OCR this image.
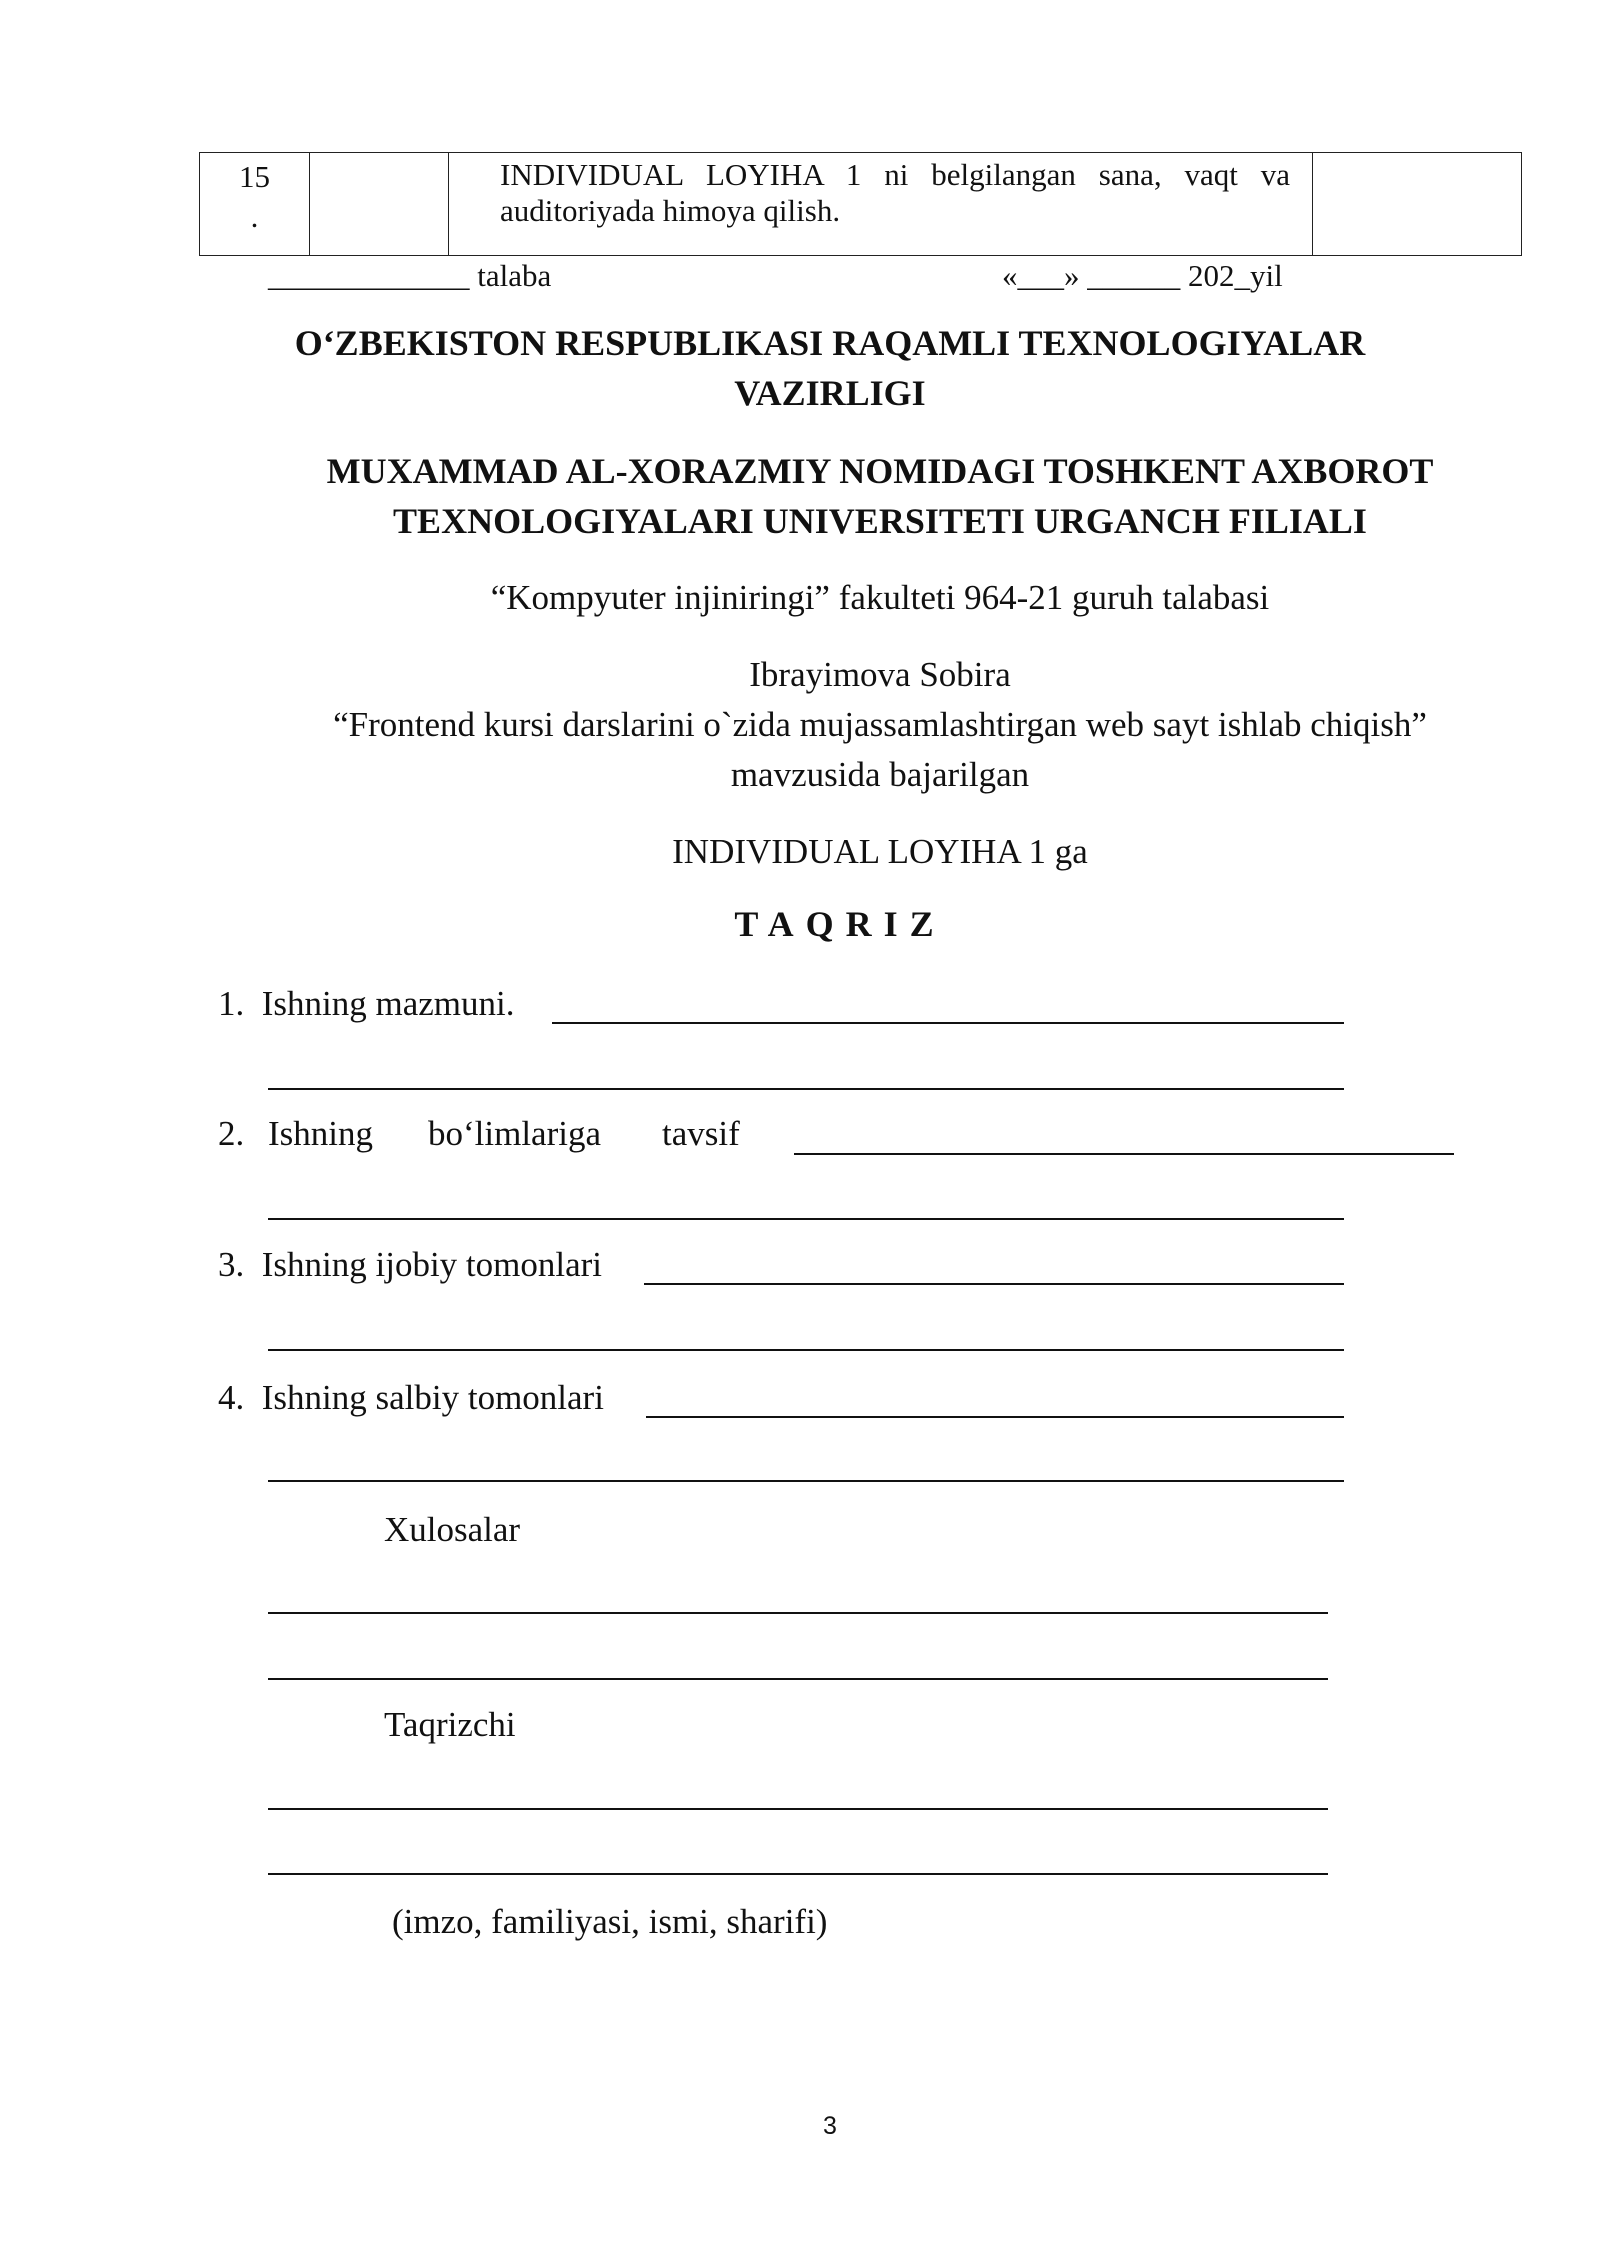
15
.
INDIVIDUAL LOYIHA 1 ni belgilangan sana, vaqt va auditoriyada himoya qilish.
_____________ talaba	«___» ______ 202_yil
O‘ZBEKISTON RESPUBLIKASI RAQAMLI TEXNOLOGIYALAR
VAZIRLIGI
MUXAMMAD AL-XORAZMIY NOMIDAGI TOSHKENT AXBOROT
TEXNOLOGIYALARI UNIVERSITETI URGANCH FILIALI
“Kompyuter injiniringi” fakulteti 964-21 guruh talabasi
Ibrayimova Sobira
“Frontend kursi darslarini o`zida mujassamlashtirgan web sayt ishlab chiqish”
mavzusida bajarilgan
INDIVIDUAL LOYIHA 1 ga
TAQRIZ
1. Ishning mazmuni.
2. Ishning bo‘limlariga tavsif
3. Ishning ijobiy tomonlari
4. Ishning salbiy tomonlari
Xulosalar
Taqrizchi
(imzo, familiyasi, ismi, sharifi)
3
